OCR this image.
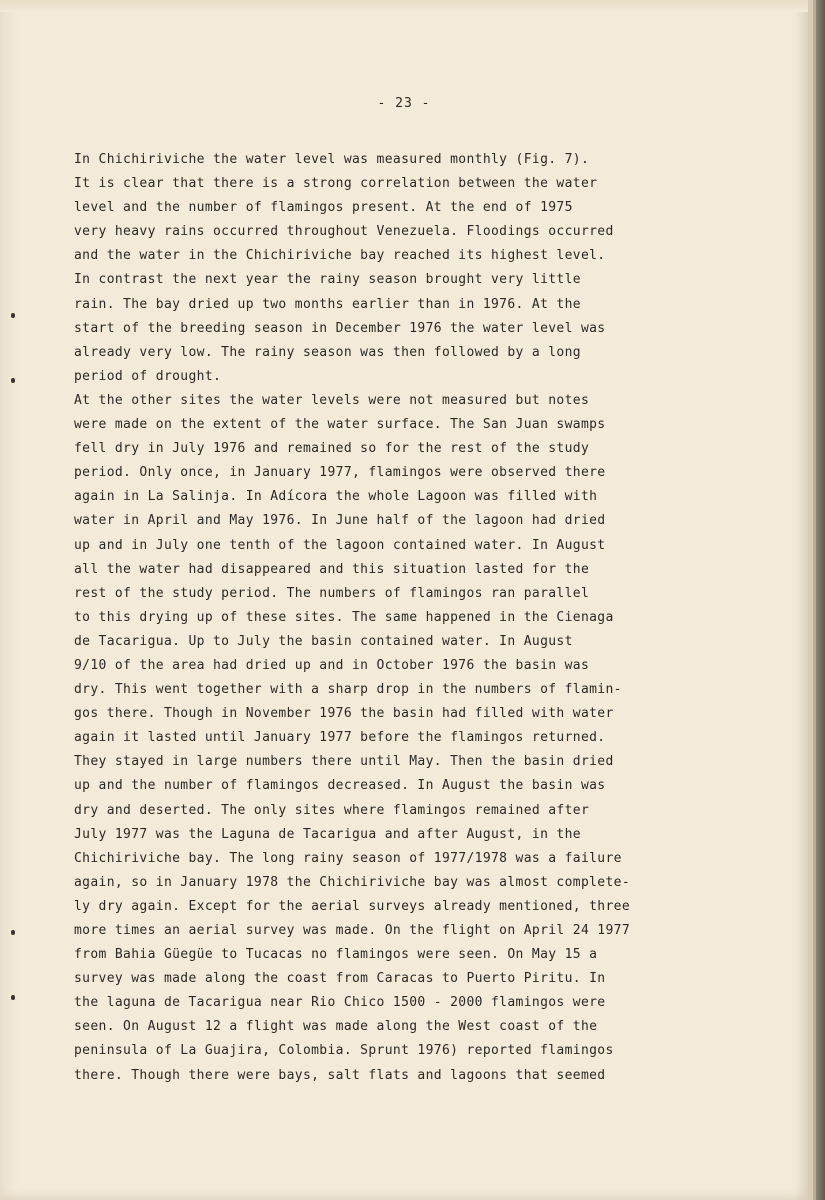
- 23 -
In Chichiriviche the water level was measured monthly (Fig. 7).
It is clear that there is a strong correlation between the water
level and the number of flamingos present. At the end of 1975
very heavy rains occurred throughout Venezuela. Floodings occurred
and the water in the Chichiriviche bay reached its highest level.
In contrast the next year the rainy season brought very little
rain. The bay dried up two months earlier than in 1976. At the
start of the breeding season in December 1976 the water level was
already very low. The rainy season was then followed by a long
period of drought.
At the other sites the water levels were not measured but notes
were made on the extent of the water surface. The San Juan swamps
fell dry in July 1976 and remained so for the rest of the study
period. Only once, in January 1977, flamingos were observed there
again in La Salinja. In Adícora the whole Lagoon was filled with
water in April and May 1976. In June half of the lagoon had dried
up and in July one tenth of the lagoon contained water. In August
all the water had disappeared and this situation lasted for the
rest of the study period. The numbers of flamingos ran parallel
to this drying up of these sites. The same happened in the Cienaga
de Tacarigua. Up to July the basin contained water. In August
9/10 of the area had dried up and in October 1976 the basin was
dry. This went together with a sharp drop in the numbers of flamin-
gos there. Though in November 1976 the basin had filled with water
again it lasted until January 1977 before the flamingos returned.
They stayed in large numbers there until May. Then the basin dried
up and the number of flamingos decreased. In August the basin was
dry and deserted. The only sites where flamingos remained after
July 1977 was the Laguna de Tacarigua and after August, in the
Chichiriviche bay. The long rainy season of 1977/1978 was a failure
again, so in January 1978 the Chichiriviche bay was almost complete-
ly dry again. Except for the aerial surveys already mentioned, three
more times an aerial survey was made. On the flight on April 24 1977
from Bahia Güegüe to Tucacas no flamingos were seen. On May 15 a
survey was made along the coast from Caracas to Puerto Piritu. In
the laguna de Tacarigua near Rio Chico 1500 - 2000 flamingos were
seen. On August 12 a flight was made along the West coast of the
peninsula of La Guajira, Colombia. Sprunt 1976) reported flamingos
there. Though there were bays, salt flats and lagoons that seemed
